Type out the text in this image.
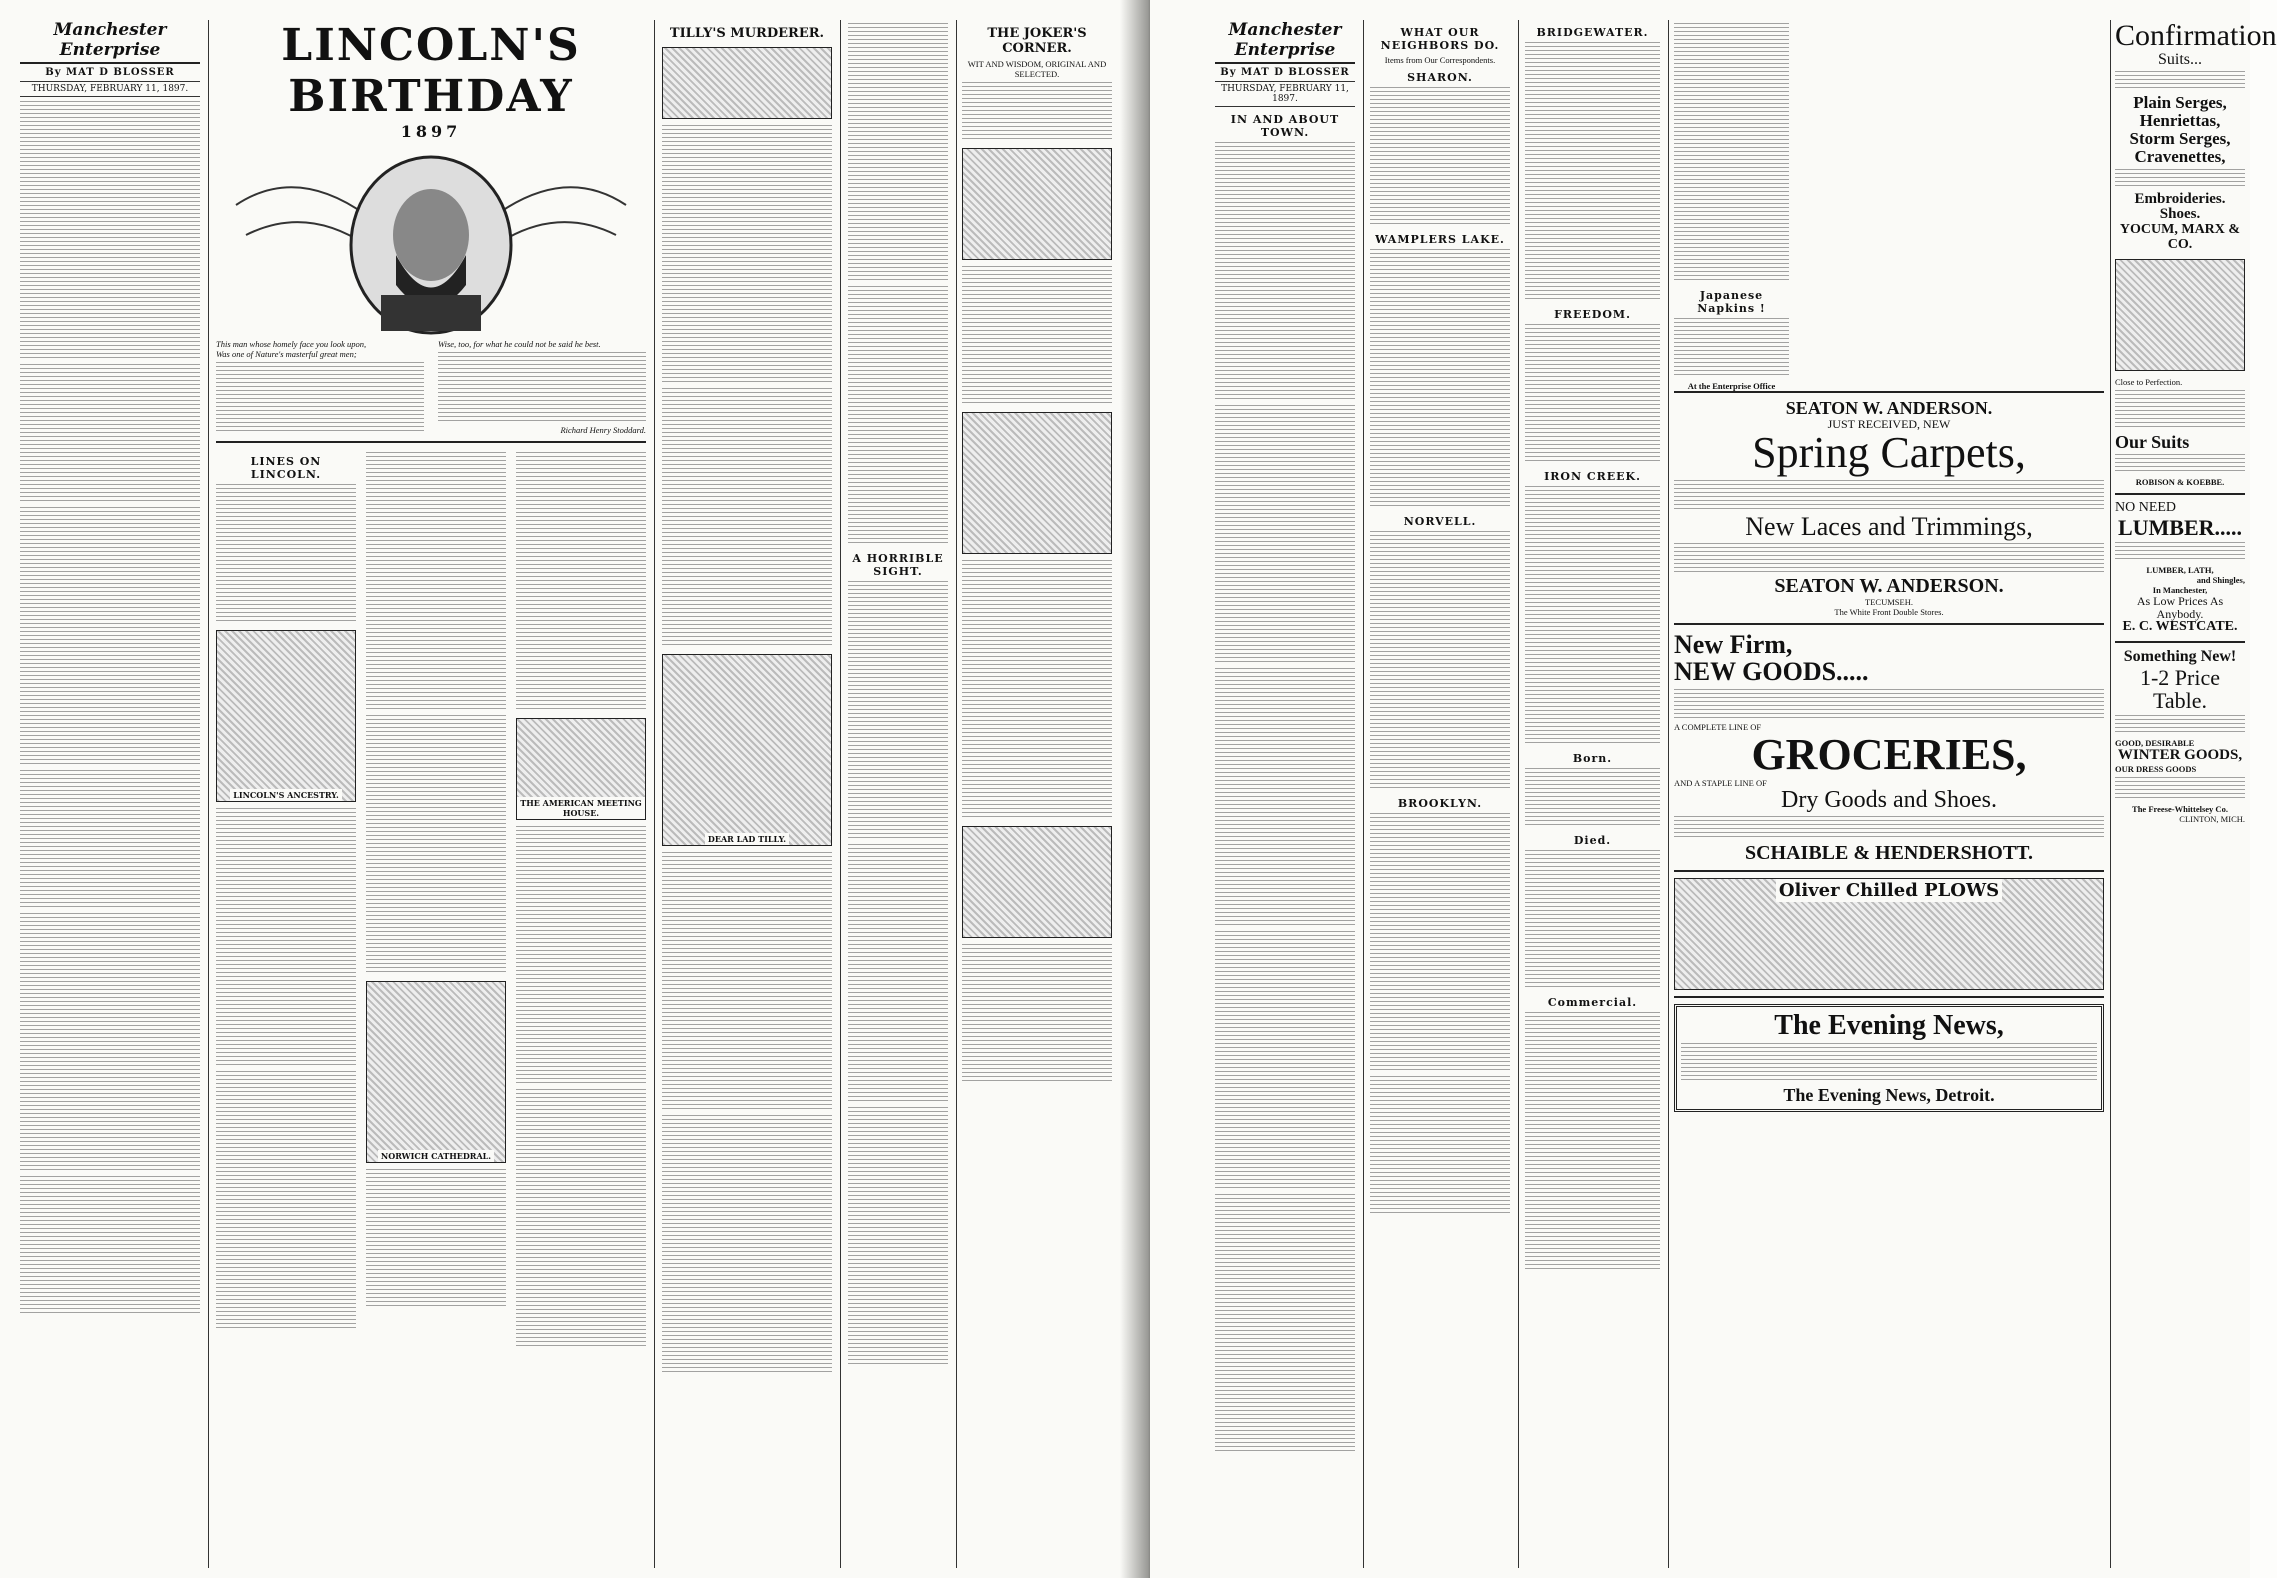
Manchester Enterprise
By MAT D BLOSSER
THURSDAY, FEBRUARY 11, 1897.
LINCOLN'S BIRTHDAY
1897
This man whose homely face you look upon,
Was one of Nature's masterful great men;
Wise, too, for what he could not be said he best.
Richard Henry Stoddard.
LINES ON LINCOLN.
LINCOLN'S ANCESTRY.
NORWICH CATHEDRAL.
THE AMERICAN MEETING HOUSE.
TILLY'S MURDERER.
DEAR LAD TILLY.
A HORRIBLE SIGHT.
THE JOKER'S CORNER.
WIT AND WISDOM, ORIGINAL AND SELECTED.
Manchester Enterprise
By MAT D BLOSSER
THURSDAY, FEBRUARY 11, 1897.
IN AND ABOUT TOWN.
WHAT OUR NEIGHBORS DO.
Items from Our Correspondents.
SHARON.
WAMPLERS LAKE.
NORVELL.
BROOKLYN.
BRIDGEWATER.
FREEDOM.
IRON CREEK.
Born.
Died.
Commercial.
Japanese Napkins !
At the Enterprise Office
SEATON W. ANDERSON.
JUST RECEIVED, NEW
Spring Carpets,
New Laces and Trimmings,
SEATON W. ANDERSON.
TECUMSEH.
The White Front Double Stores.
New Firm,
NEW GOODS.....
A COMPLETE LINE OF
GROCERIES,
AND A STAPLE LINE OF
Dry Goods and Shoes.
SCHAIBLE & HENDERSHOTT.
Oliver Chilled PLOWS
The Evening News,
The Evening News, Detroit.
Confirmation
Suits...
Plain Serges,
Henriettas,
Storm Serges,
Cravenettes,
Embroideries.
Shoes.
YOCUM, MARX & CO.
Close to Perfection.
Our Suits
ROBISON & KOEBBE.
NO NEED
LUMBER.....
LUMBER, LATH,
and Shingles,
In Manchester,
As Low Prices As Anybody.
E. C. WESTCATE.
Something New!
1-2 Price Table.
GOOD, DESIRABLE
WINTER GOODS,
OUR DRESS GOODS
The Freese-Whittelsey Co.
CLINTON, MICH.
